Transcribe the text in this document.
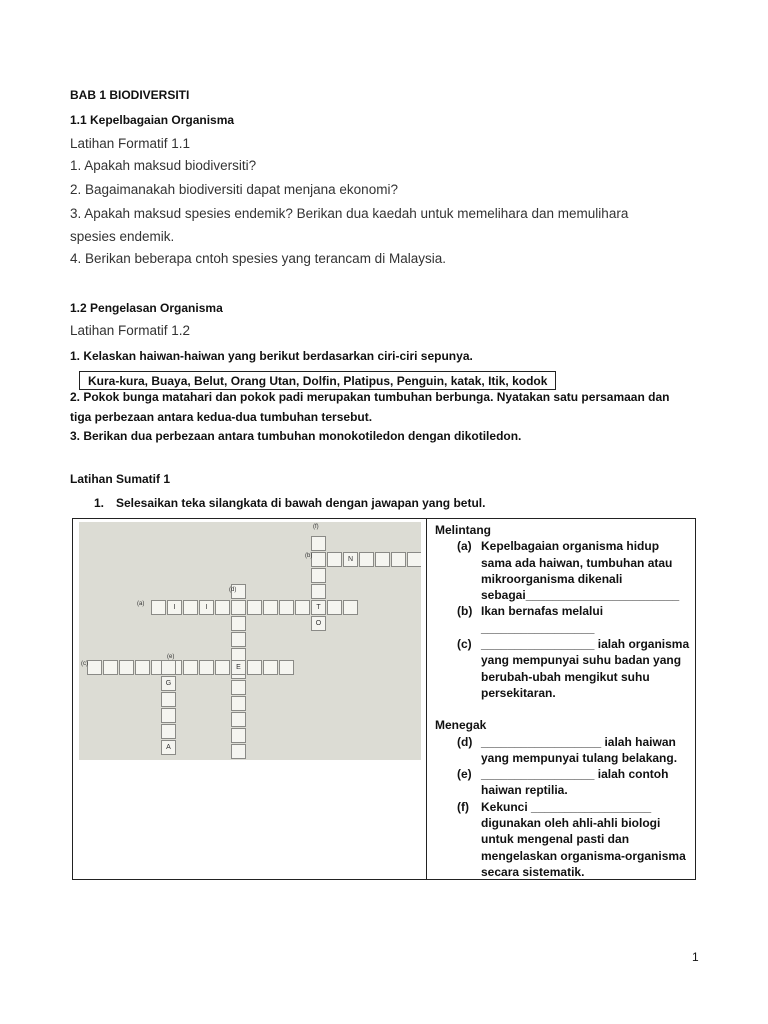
BAB 1 BIODIVERSITI
1.1 Kepelbagaian Organisma
Latihan Formatif 1.1
1. Apakah maksud biodiversiti?
2. Bagaimanakah biodiversiti dapat menjana ekonomi?
3. Apakah maksud spesies endemik? Berikan dua kaedah untuk memelihara dan memulihara
spesies endemik.
4. Berikan beberapa cntoh spesies yang terancam di Malaysia.
1.2 Pengelasan Organisma
Latihan Formatif 1.2
1. Kelaskan haiwan-haiwan yang berikut berdasarkan ciri-ciri sepunya.
Kura-kura, Buaya, Belut, Orang Utan, Dolfin, Platipus, Penguin, katak, Itik, kodok
2. Pokok bunga matahari dan pokok padi merupakan tumbuhan berbunga. Nyatakan satu persamaan dan
tiga perbezaan antara kedua-dua tumbuhan tersebut.
3. Berikan dua perbezaan antara tumbuhan monokotiledon dengan dikotiledon.
Latihan Sumatif 1
1. Selesaikan teka silangkata di bawah dengan jawapan yang betul.
N
T
O
I	I
E
G
A
(a)
(b)
(c)
(d)
(e)
(f)	Melintang
(a) Kepelbagaian organisma hidup
sama ada haiwan, tumbuhan atau
mikroorganisma dikenali
sebagai_______________________
(b) Ikan bernafas melalui
_________________
(c) _________________ ialah organisma
yang mempunyai suhu badan yang
berubah-ubah mengikut suhu
persekitaran.
Menegak
(d) __________________ ialah haiwan
yang mempunyai tulang belakang.
(e) _________________ ialah contoh
haiwan reptilia.
(f) Kekunci __________________
digunakan oleh ahli-ahli biologi
untuk mengenal pasti dan
mengelaskan organisma-organisma
secara sistematik.
1
